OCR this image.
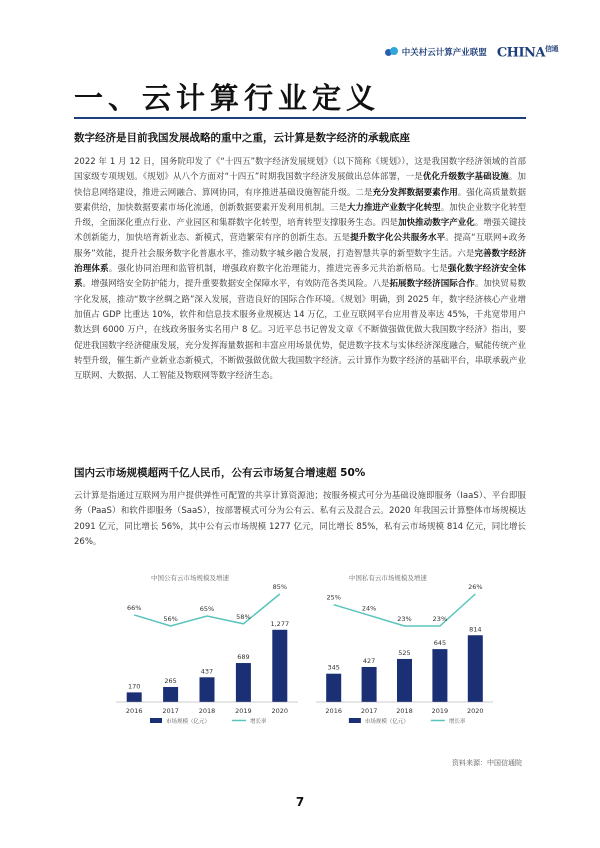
中关村云计算产业联盟 $CHINA^{信通}$
一、云计算行业定义

数字经济是目前我国发展战略的重中之重，云计算是数字经济的承载底座

2022 年 1 月 12 日，国务院印发了《“十四五”数字经济发展规划》（以下简称《规划》），这是我国数字经济领域的首部国家级专项规划。《规划》从八个方面对“十四五”时期我国数字经济发展做出总体部署，一是优化升级数字基础设施。加快信息网络建设，推进云网融合、算网协同，有序推进基础设施智能升级。二是充分发挥数据要素作用。强化高质量数据要素供给，加快数据要素市场化流通，创新数据要素开发利用机制。三是大力推进产业数字化转型。加快企业数字化转型升级，全面深化重点行业、产业园区和集群数字化转型，培育转型支撑服务生态。四是加快推动数字产业化。增强关键技术创新能力，加快培育新业态、新模式，营造繁荣有序的创新生态。五是提升数字化公共服务水平。提高“互联网+政务服务”效能，提升社会服务数字化普惠水平，推动数字城乡融合发展，打造智慧共享的新型数字生活。六是完善数字经济治理体系。强化协同治理和监管机制，增强政府数字化治理能力，推进完善多元共治新格局。七是强化数字经济安全体系。增强网络安全防护能力，提升重要数据安全保障水平，有效防范各类风险。八是拓展数字经济国际合作。加快贸易数字化发展，推动“数字丝绸之路”深入发展，营造良好的国际合作环境。《规划》明确，到 2025 年，数字经济核心产业增加值占 GDP 比重达 10%，软件和信息技术服务业规模达 14 万亿，工业互联网平台应用普及率达 45%，千兆宽带用户数达到 6000 万户，在线政务服务实名用户 8 亿。习近平总书记曾发文章《不断做强做优做大我国数字经济》指出，要促进我国数字经济健康发展，充分发挥海量数据和丰富应用场景优势，促进数字技术与实体经济深度融合，赋能传统产业转型升级，催生新产业新业态新模式，不断做强做优做大我国数字经济。云计算作为数字经济的基础平台，串联承载产业互联网、大数据、人工智能及物联网等数字经济生态。

国内云市场规模超两千亿人民币，公有云市场复合增速超 50%

云计算是指通过互联网为用户提供弹性可配置的共享计算资源池；按服务模式可分为基础设施即服务（IaaS）、平台即服务（PaaS）和软件即服务（SaaS），按部署模式可分为公有云、私有云及混合云。2020 年我国云计算整体市场规模达 2091 亿元，同比增长 56%，其中公有云市场规模 1277 亿元，同比增长 85%，私有云市场规模 814 亿元，同比增长 26%。

中国公有云市场规模及增速
170
2016
265
2017
437
2018
689
2019
1,277
2020
66%
56%
65%
58%
85%
市场规模（亿元）	增长率
中国私有云市场规模及增速
345
2016
427
2017
525
2018
645
2019
814
2020
25%
24%
23%	23%
26%
市场规模（亿元）	增长率

资料来源：中国信通院

7
